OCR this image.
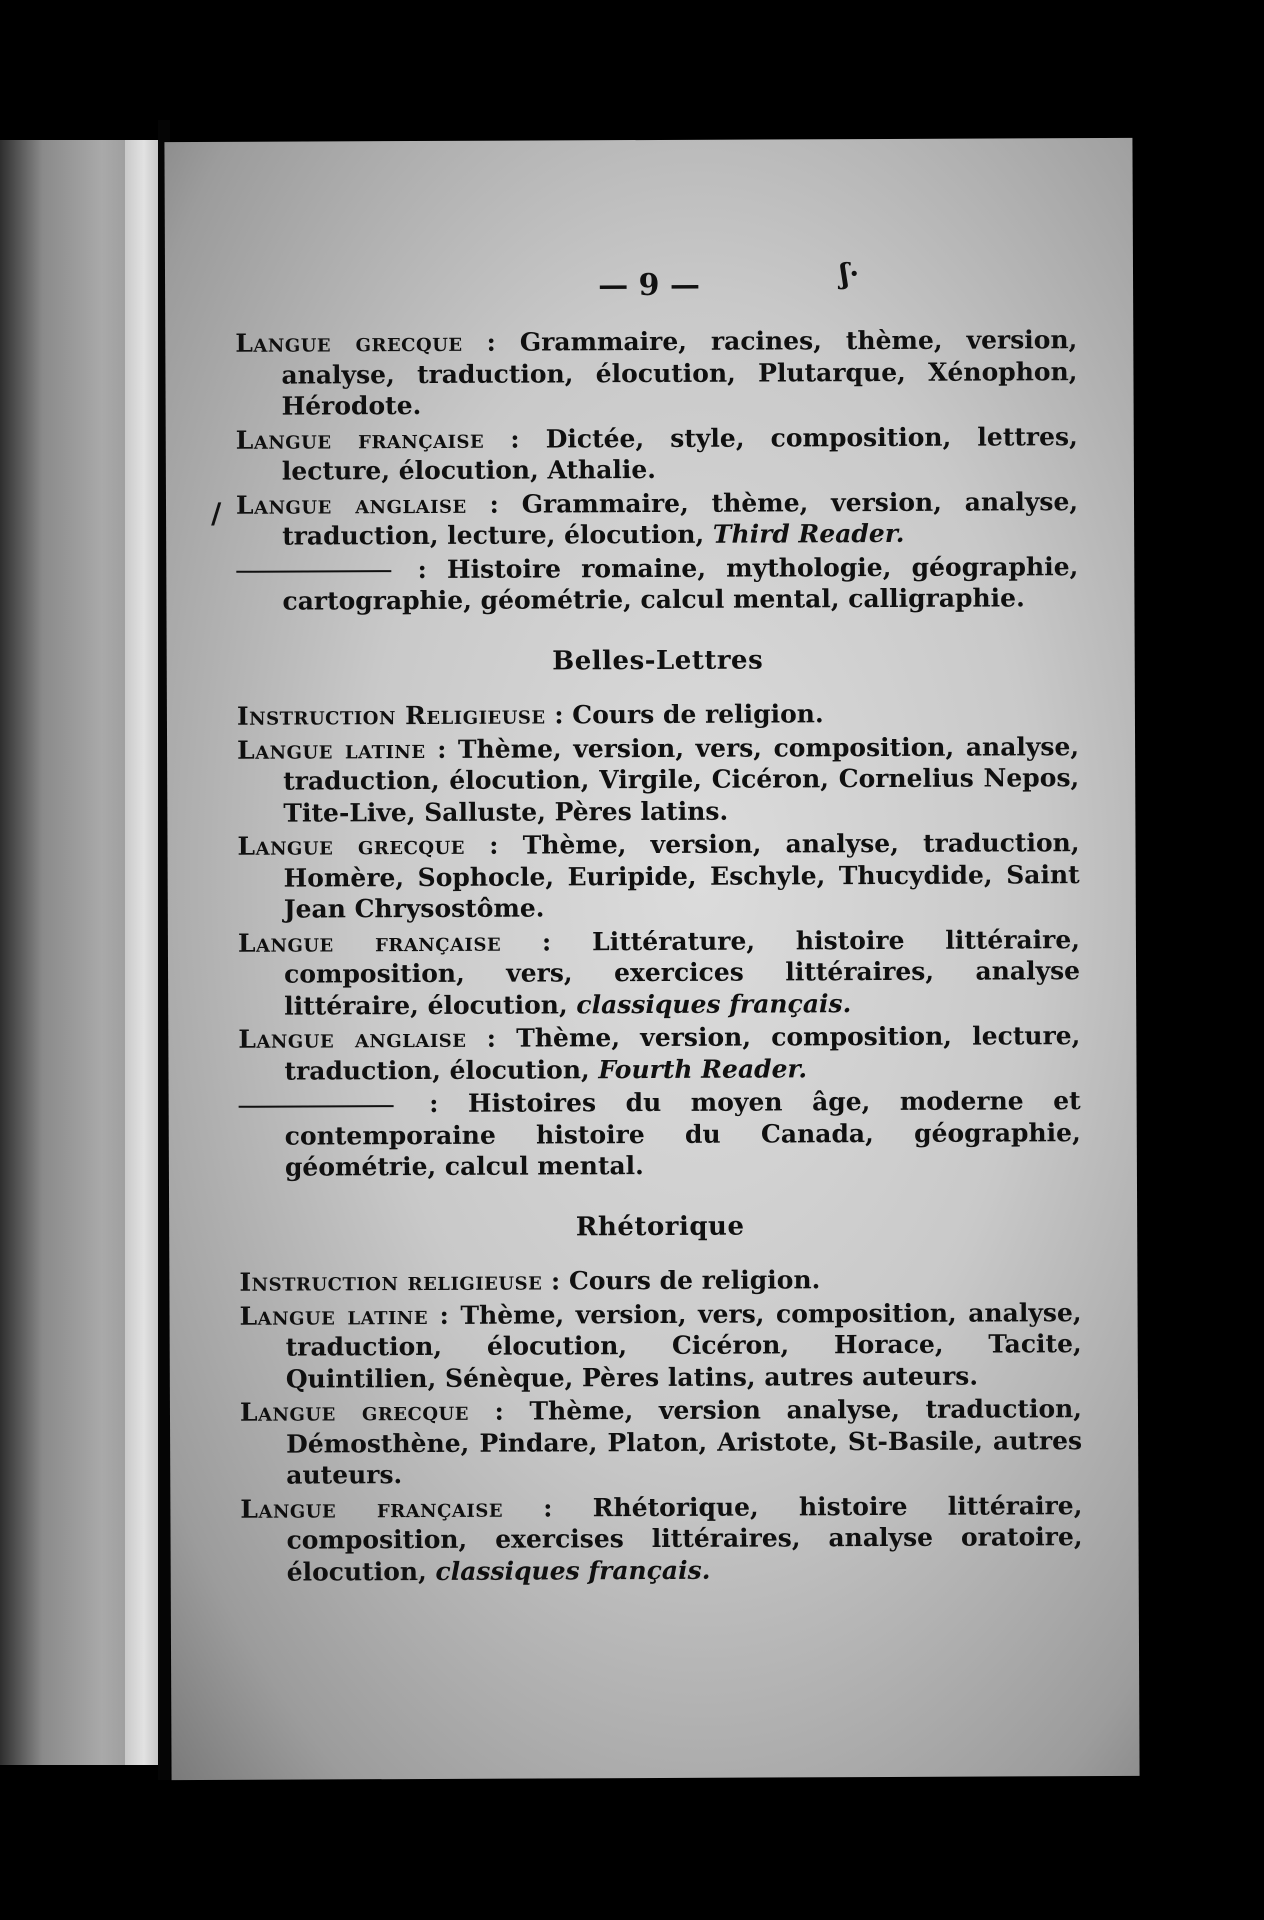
— 9 —	ʃ·
/
Langue grecque : Grammaire, racines, thème, version, analyse, traduction, élocution, Plutarque, Xénophon, Hérodote.
Langue française : Dictée, style, composition, lettres, lecture, élocution, Athalie.
Langue anglaise : Grammaire, thème, version, analyse, traduction, lecture, élocution, Third Reader.
: Histoire romaine, mythologie, géographie, cartographie, géométrie, calcul mental, calligraphie.
Belles-Lettres
Instruction Religieuse : Cours de religion.
Langue latine : Thème, version, vers, composition, analyse, traduction, élocution, Virgile, Cicéron, Cornelius Nepos, Tite-Live, Salluste, Pères latins.
Langue grecque : Thème, version, analyse, traduction, Homère, Sophocle, Euripide, Eschyle, Thucydide, Saint Jean Chrysostôme.
Langue française : Littérature, histoire littéraire, composition, vers, exercices littéraires, analyse littéraire, élocution, classiques français.
Langue anglaise : Thème, version, composition, lecture, traduction, élocution, Fourth Reader.
: Histoires du moyen âge, moderne et contemporaine histoire du Canada, géographie, géométrie, calcul mental.
Rhétorique
Instruction religieuse : Cours de religion.
Langue latine : Thème, version, vers, composition, analyse, traduction, élocution, Cicéron, Horace, Tacite, Quintilien, Sénèque, Pères latins, autres auteurs.
Langue grecque : Thème, version analyse, traduction, Démosthène, Pindare, Platon, Aristote, St-Basile, autres auteurs.
Langue française : Rhétorique, histoire littéraire, composition, exercises littéraires, analyse oratoire, élocution, classiques français.
